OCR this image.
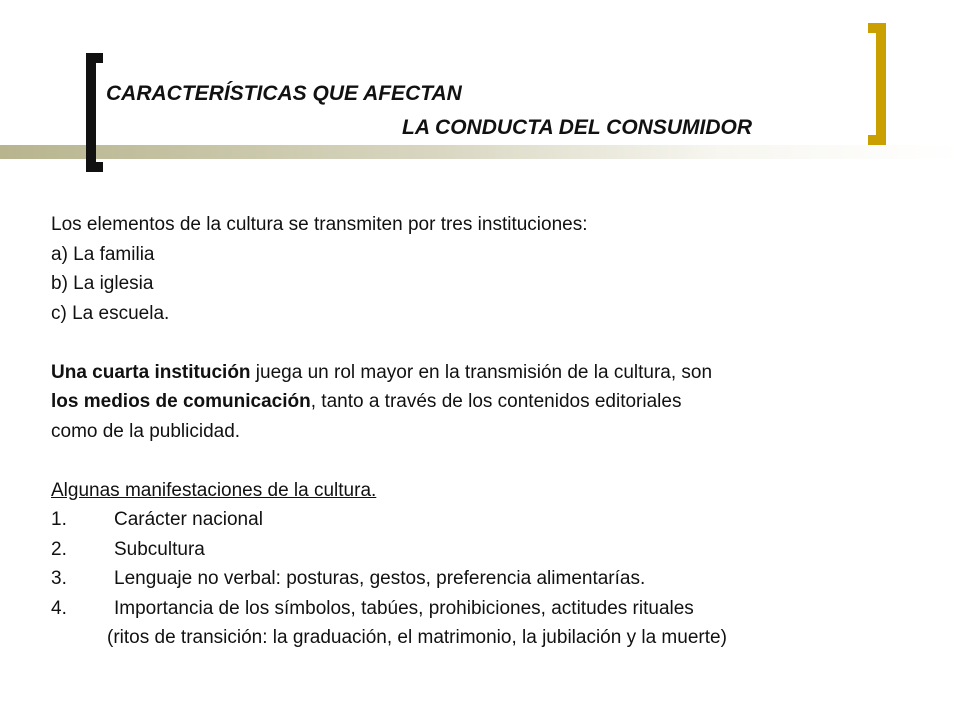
CARACTERÍSTICAS QUE AFECTAN
LA CONDUCTA DEL CONSUMIDOR
Los elementos de la cultura se transmiten por tres instituciones:
a) La familia
b) La iglesia
c) La escuela.
Una cuarta institución juega un rol mayor en la transmisión de la cultura, son
los medios de comunicación, tanto a través de los contenidos editoriales
como de la publicidad.
Algunas manifestaciones de la cultura.
1. Carácter nacional
2. Subcultura
3. Lenguaje no verbal: posturas, gestos, preferencia alimentarías.
4. Importancia de los símbolos, tabúes, prohibiciones, actitudes rituales
(ritos de transición: la graduación, el matrimonio, la jubilación y la muerte)
